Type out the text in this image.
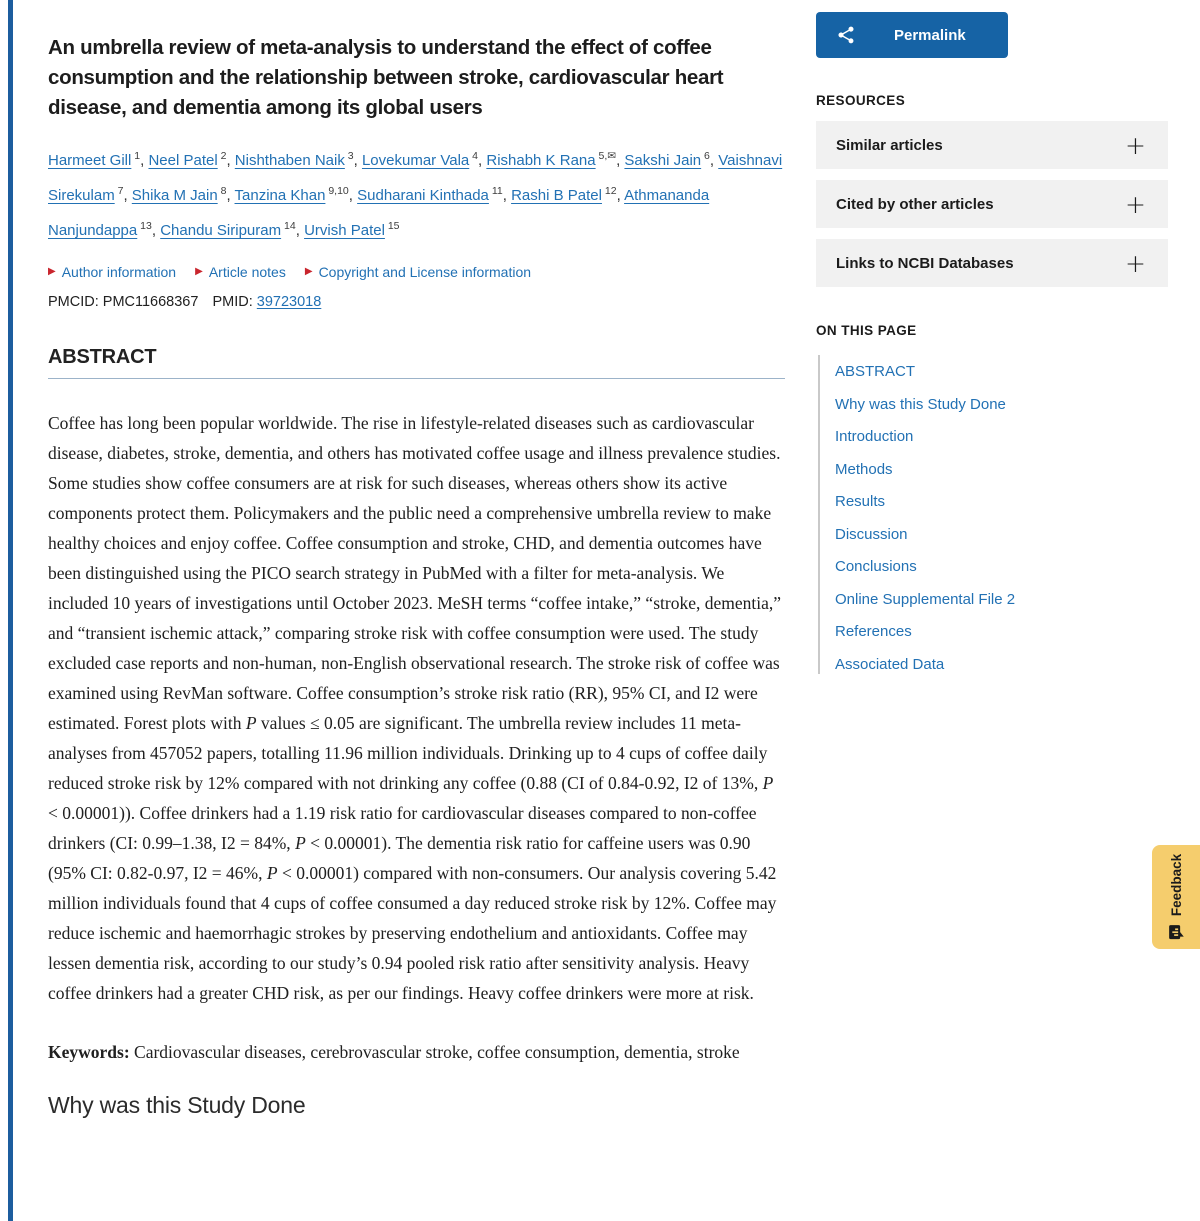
An umbrella review of meta-analysis to understand the effect of coffee consumption and the relationship between stroke, cardiovascular heart disease, and dementia among its global users

Harmeet Gill $^1$, Neel Patel $^2$, Nishthaben Naik $^3$, Lovekumar Vala $^4$, Rishabh K Rana $^{5,✉}$, Sakshi Jain $^6$, Vaishnavi Sirekulam $^7$, Shika M Jain $^8$, Tanzina Khan $^{9,10}$, Sudharani Kinthada $^{11}$, Rashi B Patel $^{12}$, Athmananda Nanjundappa $^{13}$, Chandu Siripuram $^{14}$, Urvish Patel $^{15}$

▶ Author information ▶ Article notes ▶ Copyright and License information

PMCID: PMC11668367 PMID: 39723018

ABSTRACT

Coffee has long been popular worldwide. The rise in lifestyle-related diseases such as cardiovascular disease, diabetes, stroke, dementia, and others has motivated coffee usage and illness prevalence studies. Some studies show coffee consumers are at risk for such diseases, whereas others show its active components protect them. Policymakers and the public need a comprehensive umbrella review to make healthy choices and enjoy coffee. Coffee consumption and stroke, CHD, and dementia outcomes have been distinguished using the PICO search strategy in PubMed with a filter for meta-analysis. We included 10 years of investigations until October 2023. MeSH terms “coffee intake,” “stroke, dementia,” and “transient ischemic attack,” comparing stroke risk with coffee consumption were used. The study excluded case reports and non-human, non-English observational research. The stroke risk of coffee was examined using RevMan software. Coffee consumption’s stroke risk ratio (RR), 95% CI, and I2 were estimated. Forest plots with P values ≤ 0.05 are significant. The umbrella review includes 11 meta-analyses from 457052 papers, totalling 11.96 million individuals. Drinking up to 4 cups of coffee daily reduced stroke risk by 12% compared with not drinking any coffee (0.88 (CI of 0.84-0.92, I2 of 13%, P < 0.00001)). Coffee drinkers had a 1.19 risk ratio for cardiovascular diseases compared to non-coffee drinkers (CI: 0.99–1.38, I2 = 84%, P < 0.00001). The dementia risk ratio for caffeine users was 0.90 (95% CI: 0.82-0.97, I2 = 46%, P < 0.00001) compared with non-consumers. Our analysis covering 5.42 million individuals found that 4 cups of coffee consumed a day reduced stroke risk by 12%. Coffee may reduce ischemic and haemorrhagic strokes by preserving endothelium and antioxidants. Coffee may lessen dementia risk, according to our study’s 0.94 pooled risk ratio after sensitivity analysis. Heavy coffee drinkers had a greater CHD risk, as per our findings. Heavy coffee drinkers were more at risk.

Keywords: Cardiovascular diseases, cerebrovascular stroke, coffee consumption, dementia, stroke

Why was this Study Done
Permalink
RESOURCES
Similar articles	+
Cited by other articles	+
Links to NCBI Databases	+
ON THIS PAGE
ABSTRACT
Why was this Study Done
Introduction
Methods
Results
Discussion
Conclusions
Online Supplemental File 2
References
Associated Data
Feedback
